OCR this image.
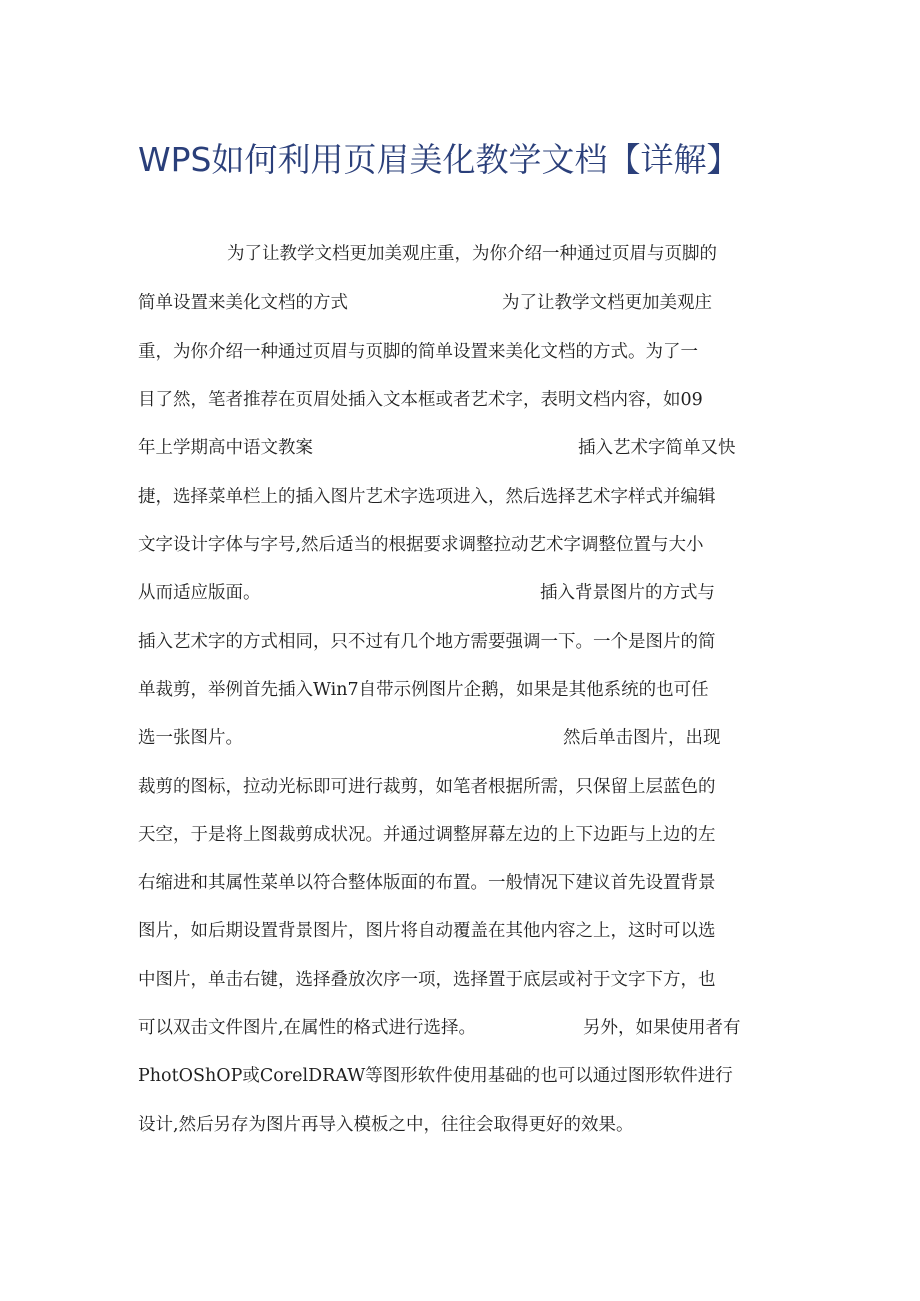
WPS如何利用页眉美化教学文档【详解】
为了让教学文档更加美观庄重，为你介绍一种通过页眉与页脚的
简单设置来美化文档的方式	为了让教学文档更加美观庄
重，为你介绍一种通过页眉与页脚的简单设置来美化文档的方式。为了一
目了然，笔者推荐在页眉处插入文本框或者艺术字，表明文档内容，如09
年上学期高中语文教案	插入艺术字简单又快
捷，选择菜单栏上的插入图片艺术字选项进入，然后选择艺术字样式并编辑
文字设计字体与字号,然后适当的根据要求调整拉动艺术字调整位置与大小
从而适应版面。	插入背景图片的方式与
插入艺术字的方式相同，只不过有几个地方需要强调一下。一个是图片的简
单裁剪，举例首先插入Win7自带示例图片企鹅，如果是其他系统的也可任
选一张图片。	然后单击图片，出现
裁剪的图标，拉动光标即可进行裁剪，如笔者根据所需，只保留上层蓝色的
天空，于是将上图裁剪成状况。并通过调整屏幕左边的上下边距与上边的左
右缩进和其属性菜单以符合整体版面的布置。一般情况下建议首先设置背景
图片，如后期设置背景图片，图片将自动覆盖在其他内容之上，这时可以选
中图片，单击右键，选择叠放次序一项，选择置于底层或衬于文字下方，也
可以双击文件图片,在属性的格式进行选择。	另外，如果使用者有
PhotOShOP或CorelDRAW等图形软件使用基础的也可以通过图形软件进行
设计,然后另存为图片再导入模板之中，往往会取得更好的效果。
